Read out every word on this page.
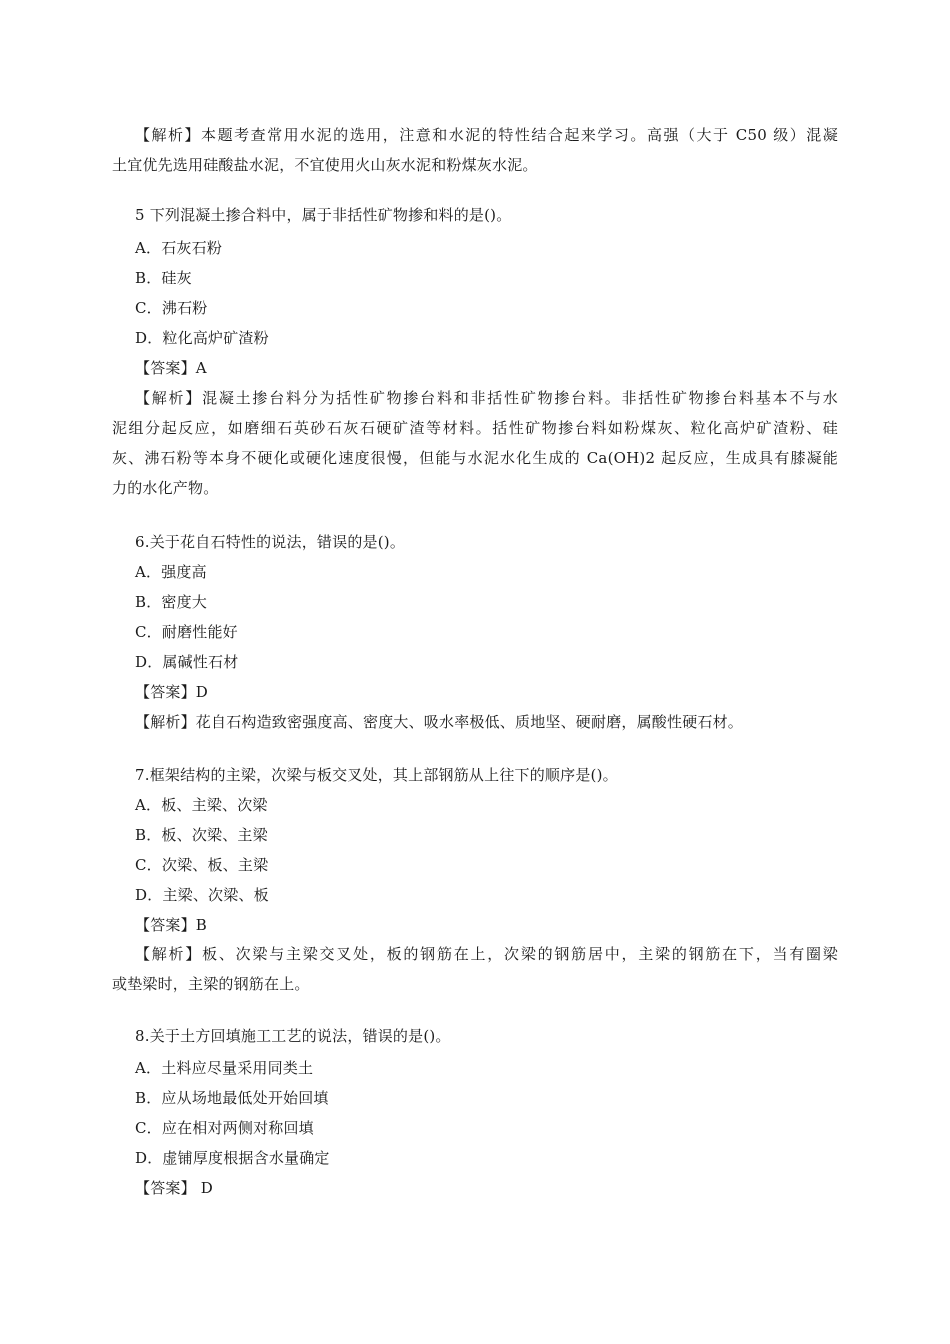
【解析】本题考查常用水泥的选用，注意和水泥的特性结合起来学习。高强（大于 C50 级）混凝
土宜优先选用硅酸盐水泥，不宜使用火山灰水泥和粉煤灰水泥。
5 下列混凝土掺合料中，属于非括性矿物掺和料的是()。
A．石灰石粉
B．硅灰
C．沸石粉
D．粒化高炉矿渣粉
【答案】A
【解析】混凝土掺台料分为括性矿物掺台料和非括性矿物掺台料。非括性矿物掺台料基本不与水
泥组分起反应，如磨细石英砂石灰石硬矿渣等材料。括性矿物掺台料如粉煤灰、粒化高炉矿渣粉、硅
灰、沸石粉等本身不硬化或硬化速度很慢，但能与水泥水化生成的 Ca(OH)2 起反应，生成具有膝凝能
力的水化产物。
6.关于花自石特性的说法，错误的是()。
A．强度高
B．密度大
C．耐磨性能好
D．属碱性石材
【答案】D
【解析】花自石构造致密强度高、密度大、吸水率极低、质地坚、硬耐磨，属酸性硬石材。
7.框架结构的主梁，次梁与板交叉处，其上部钢筋从上往下的顺序是()。
A．板、主梁、次梁
B．板、次梁、主梁
C．次梁、板、主梁
D．主梁、次梁、板
【答案】B
【解析】板、次梁与主梁交叉处，板的钢筋在上，次梁的钢筋居中，主梁的钢筋在下，当有圈梁
或垫梁时，主梁的钢筋在上。
8.关于土方回填施工工艺的说法，错误的是()。
A．土料应尽量采用同类土
B．应从场地最低处开始回填
C．应在相对两侧对称回填
D．虚铺厚度根据含水量确定
【答案】 D
